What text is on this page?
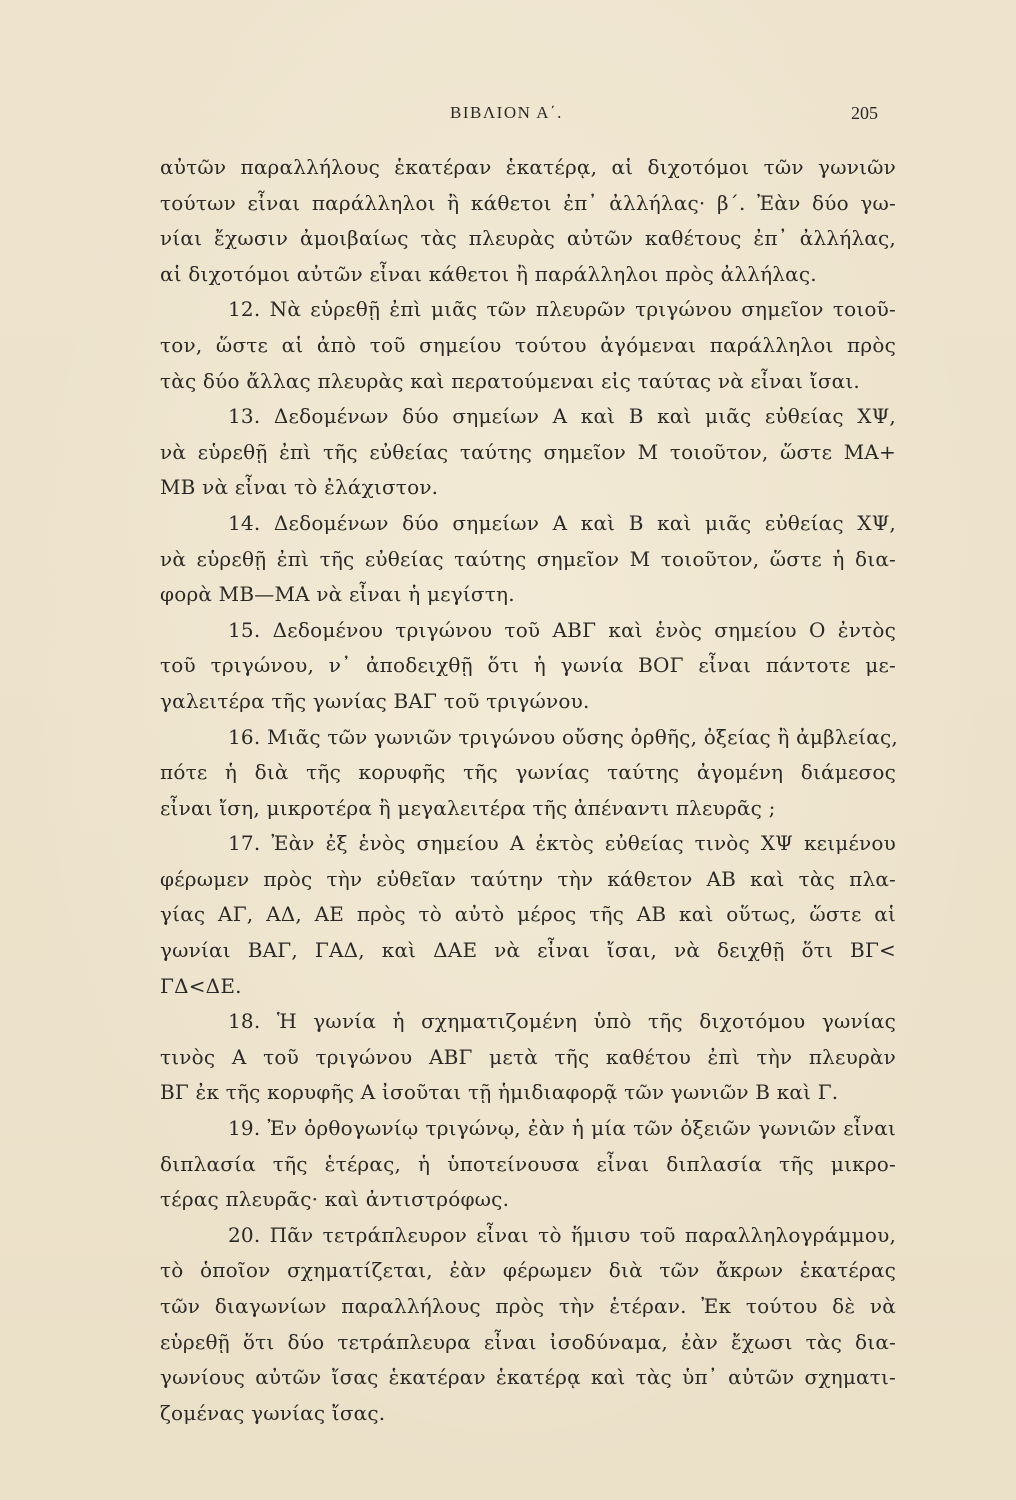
ΒΙΒΛΙΟΝ Α΄.	205
αὐτῶν παραλλήλους ἑκατέραν ἑκατέρᾳ, αἱ διχοτόμοι τῶν γωνιῶν
τούτων εἶναι παράλληλοι ἢ κάθετοι ἐπ᾽ ἀλλήλας· β΄. Ἐὰν δύο γω-
νίαι ἔχωσιν ἀμοιβαίως τὰς πλευρὰς αὐτῶν καθέτους ἐπ᾽ ἀλλήλας,
αἱ διχοτόμοι αὐτῶν εἶναι κάθετοι ἢ παράλληλοι πρὸς ἀλλήλας.
12. Νὰ εὑρεθῇ ἐπὶ μιᾶς τῶν πλευρῶν τριγώνου σημεῖον τοιοῦ-
τον, ὥστε αἱ ἀπὸ τοῦ σημείου τούτου ἀγόμεναι παράλληλοι πρὸς
τὰς δύο ἄλλας πλευρὰς καὶ περατούμεναι εἰς ταύτας νὰ εἶναι ἴσαι.
13. Δεδομένων δύο σημείων Α καὶ Β καὶ μιᾶς εὐθείας ΧΨ,
νὰ εὑρεθῇ ἐπὶ τῆς εὐθείας ταύτης σημεῖον Μ τοιοῦτον, ὥστε ΜΑ+
ΜΒ νὰ εἶναι τὸ ἐλάχιστον.
14. Δεδομένων δύο σημείων Α καὶ Β καὶ μιᾶς εὐθείας ΧΨ,
νὰ εὑρεθῇ ἐπὶ τῆς εὐθείας ταύτης σημεῖον Μ τοιοῦτον, ὥστε ἡ δια-
φορὰ ΜΒ—ΜΑ νὰ εἶναι ἡ μεγίστη.
15. Δεδομένου τριγώνου τοῦ ΑΒΓ καὶ ἑνὸς σημείου Ο ἐντὸς
τοῦ τριγώνου, ν᾽ ἀποδειχθῇ ὅτι ἡ γωνία ΒΟΓ εἶναι πάντοτε με-
γαλειτέρα τῆς γωνίας ΒΑΓ τοῦ τριγώνου.
16. Μιᾶς τῶν γωνιῶν τριγώνου οὔσης ὀρθῆς, ὀξείας ἢ ἀμβλείας,
πότε ἡ διὰ τῆς κορυφῆς τῆς γωνίας ταύτης ἀγομένη διάμεσος
εἶναι ἴση, μικροτέρα ἢ μεγαλειτέρα τῆς ἀπέναντι πλευρᾶς ;
17. Ἐὰν ἐξ ἑνὸς σημείου Α ἐκτὸς εὐθείας τινὸς ΧΨ κειμένου
φέρωμεν πρὸς τὴν εὐθεῖαν ταύτην τὴν κάθετον ΑΒ καὶ τὰς πλα-
γίας ΑΓ, ΑΔ, ΑΕ πρὸς τὸ αὐτὸ μέρος τῆς ΑΒ καὶ οὕτως, ὥστε αἱ
γωνίαι ΒΑΓ, ΓΑΔ, καὶ ΔΑΕ νὰ εἶναι ἴσαι, νὰ δειχθῇ ὅτι ΒΓ<
ΓΔ<ΔΕ.
18. Ἡ γωνία ἡ σχηματιζομένη ὑπὸ τῆς διχοτόμου γωνίας
τινὸς Α τοῦ τριγώνου ΑΒΓ μετὰ τῆς καθέτου ἐπὶ τὴν πλευρὰν
ΒΓ ἐκ τῆς κορυφῆς Α ἰσοῦται τῇ ἡμιδιαφορᾷ τῶν γωνιῶν Β καὶ Γ.
19. Ἐν ὀρθογωνίῳ τριγώνῳ, ἐὰν ἡ μία τῶν ὀξειῶν γωνιῶν εἶναι
διπλασία τῆς ἑτέρας, ἡ ὑποτείνουσα εἶναι διπλασία τῆς μικρο-
τέρας πλευρᾶς· καὶ ἀντιστρόφως.
20. Πᾶν τετράπλευρον εἶναι τὸ ἥμισυ τοῦ παραλληλογράμμου,
τὸ ὁποῖον σχηματίζεται, ἐὰν φέρωμεν διὰ τῶν ἄκρων ἑκατέρας
τῶν διαγωνίων παραλλήλους πρὸς τὴν ἑτέραν. Ἐκ τούτου δὲ νὰ
εὑρεθῇ ὅτι δύο τετράπλευρα εἶναι ἰσοδύναμα, ἐὰν ἔχωσι τὰς δια-
γωνίους αὐτῶν ἴσας ἑκατέραν ἑκατέρᾳ καὶ τὰς ὑπ᾽ αὐτῶν σχηματι-
ζομένας γωνίας ἴσας.
